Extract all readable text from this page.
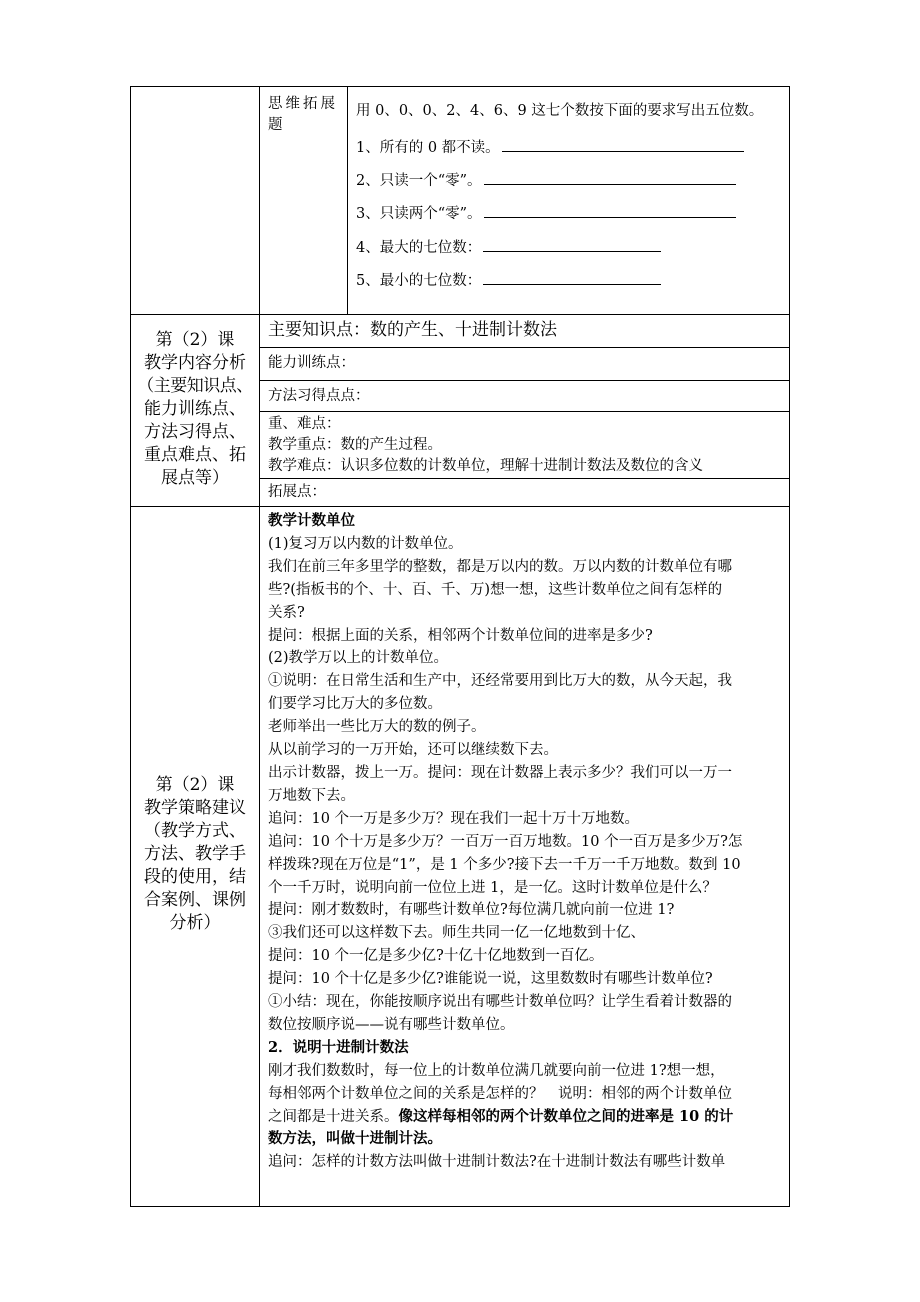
思维拓展题
用 0、0、0、2、4、6、9 这七个数按下面的要求写出五位数。
1、所有的 0 都不读。
2、只读一个“零”。
3、只读两个“零”。
4、最大的七位数：
5、最小的七位数：
第（2）课
教学内容分析
（主要知识点、
能力训练点、
方法习得点、
重点难点、拓
展点等）
主要知识点：数的产生、十进制计数法
能力训练点：
方法习得点点：
重、难点：
教学重点：数的产生过程。
教学难点：认识多位数的计数单位，理解十进制计数法及数位的含义
拓展点：
第（2）课
教学策略建议
（教学方式、
方法、教学手
段的使用，结
合案例、课例
分析）
教学计数单位
(1)复习万以内数的计数单位。
我们在前三年多里学的整数，都是万以内的数。万以内数的计数单位有哪
些?(指板书的个、十、百、千、万)想一想，这些计数单位之间有怎样的
关系?
提问：根据上面的关系，相邻两个计数单位间的进率是多少?
(2)教学万以上的计数单位。
①说明：在日常生活和生产中，还经常要用到比万大的数，从今天起，我
们要学习比万大的多位数。
老师举出一些比万大的数的例子。
从以前学习的一万开始，还可以继续数下去。
出示计数器，拨上一万。提问：现在计数器上表示多少？我们可以一万一
万地数下去。
追问：10 个一万是多少万？现在我们一起十万十万地数。
追问：10 个十万是多少万？一百万一百万地数。10 个一百万是多少万?怎
样拨珠?现在万位是“1”，是 1 个多少?接下去一千万一千万地数。数到 10
个一千万时，说明向前一位位上进 1，是一亿。这时计数单位是什么？
提问：刚才数数时，有哪些计数单位?每位满几就向前一位进 1?
③我们还可以这样数下去。师生共同一亿一亿地数到十亿、
提问：10 个一亿是多少亿?十亿十亿地数到一百亿。
提问：10 个十亿是多少亿?谁能说一说，这里数数时有哪些计数单位?
①小结：现在，你能按顺序说出有哪些计数单位吗？让学生看着计数器的
数位按顺序说——说有哪些计数单位。
2．说明十进制计数法
刚才我们数数时，每一位上的计数单位满几就要向前一位进 1?想一想，
每相邻两个计数单位之间的关系是怎样的？　说明：相邻的两个计数单位
之间都是十进关系。像这样每相邻的两个计数单位之间的进率是 10 的计
数方法，叫做十进制计法。
追问：怎样的计数方法叫做十进制计数法?在十进制计数法有哪些计数单
